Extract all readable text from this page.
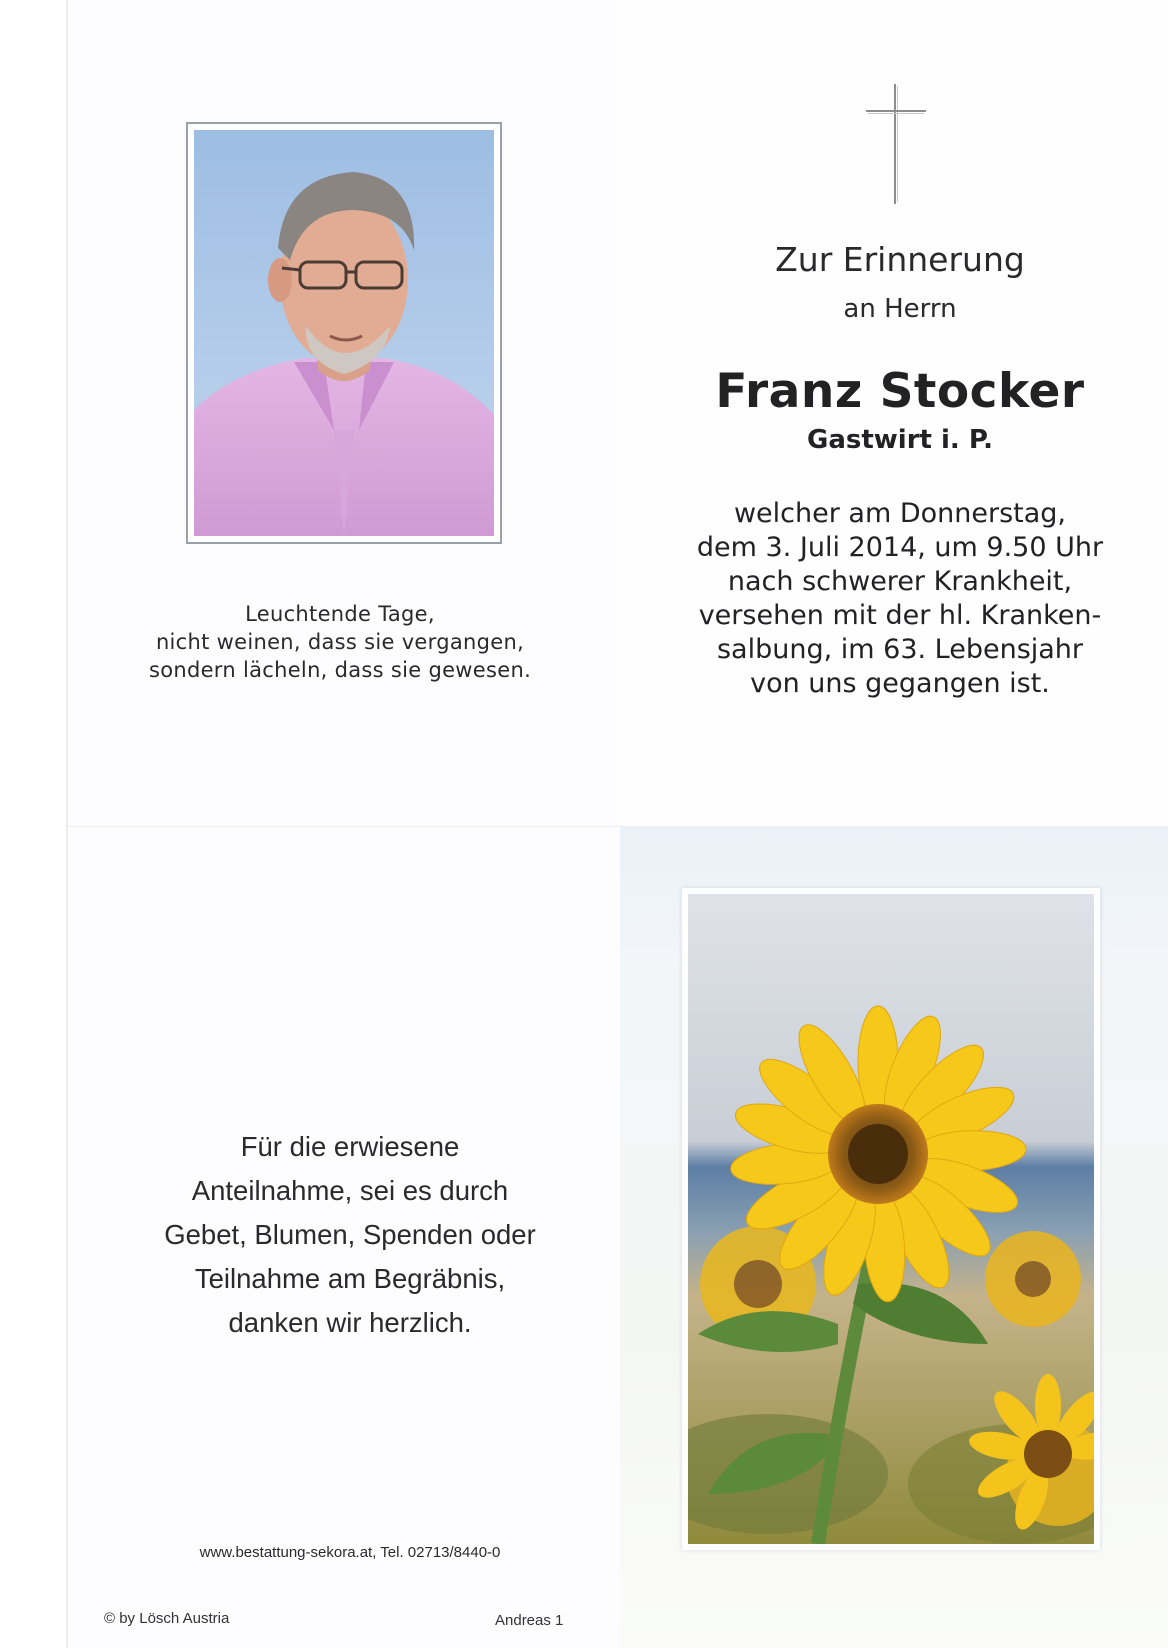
Leuchtende Tage,
nicht weinen, dass sie vergangen,
sondern lächeln, dass sie gewesen.
Zur Erinnerung
an Herrn
Franz Stocker
Gastwirt i. P.
welcher am Donnerstag,
dem 3. Juli 2014, um 9.50 Uhr
nach schwerer Krankheit,
versehen mit der hl. Kranken-
salbung, im 63. Lebensjahr
von uns gegangen ist.
Für die erwiesene
Anteilnahme, sei es durch
Gebet, Blumen, Spenden oder
Teilnahme am Begräbnis,
danken wir herzlich.
www.bestattung-sekora.at, Tel. 02713/8440-0
© by Lösch Austria	Andreas 1
